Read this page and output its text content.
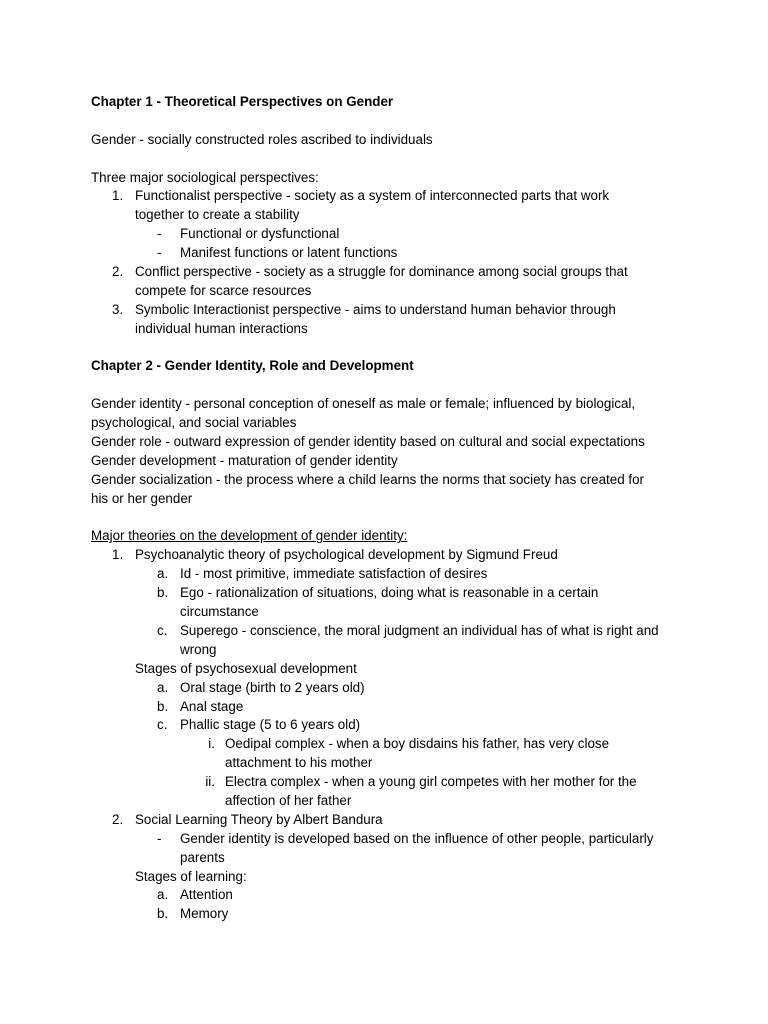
Chapter 1 - Theoretical Perspectives on Gender
Gender - socially constructed roles ascribed to individuals
Three major sociological perspectives:
1. Functionalist perspective - society as a system of interconnected parts that work
together to create a stability
- Functional or dysfunctional
- Manifest functions or latent functions
2. Conflict perspective - society as a struggle for dominance among social groups that
compete for scarce resources
3. Symbolic Interactionist perspective - aims to understand human behavior through
individual human interactions
Chapter 2 - Gender Identity, Role and Development
Gender identity - personal conception of oneself as male or female; influenced by biological,
psychological, and social variables
Gender role - outward expression of gender identity based on cultural and social expectations
Gender development - maturation of gender identity
Gender socialization - the process where a child learns the norms that society has created for
his or her gender
Major theories on the development of gender identity:
1. Psychoanalytic theory of psychological development by Sigmund Freud
a. Id - most primitive, immediate satisfaction of desires
b. Ego - rationalization of situations, doing what is reasonable in a certain
circumstance
c. Superego - conscience, the moral judgment an individual has of what is right and
wrong
Stages of psychosexual development
a. Oral stage (birth to 2 years old)
b. Anal stage
c. Phallic stage (5 to 6 years old)
i. Oedipal complex - when a boy disdains his father, has very close
attachment to his mother
ii. Electra complex - when a young girl competes with her mother for the
affection of her father
2. Social Learning Theory by Albert Bandura
- Gender identity is developed based on the influence of other people, particularly
parents
Stages of learning:
a. Attention
b. Memory
